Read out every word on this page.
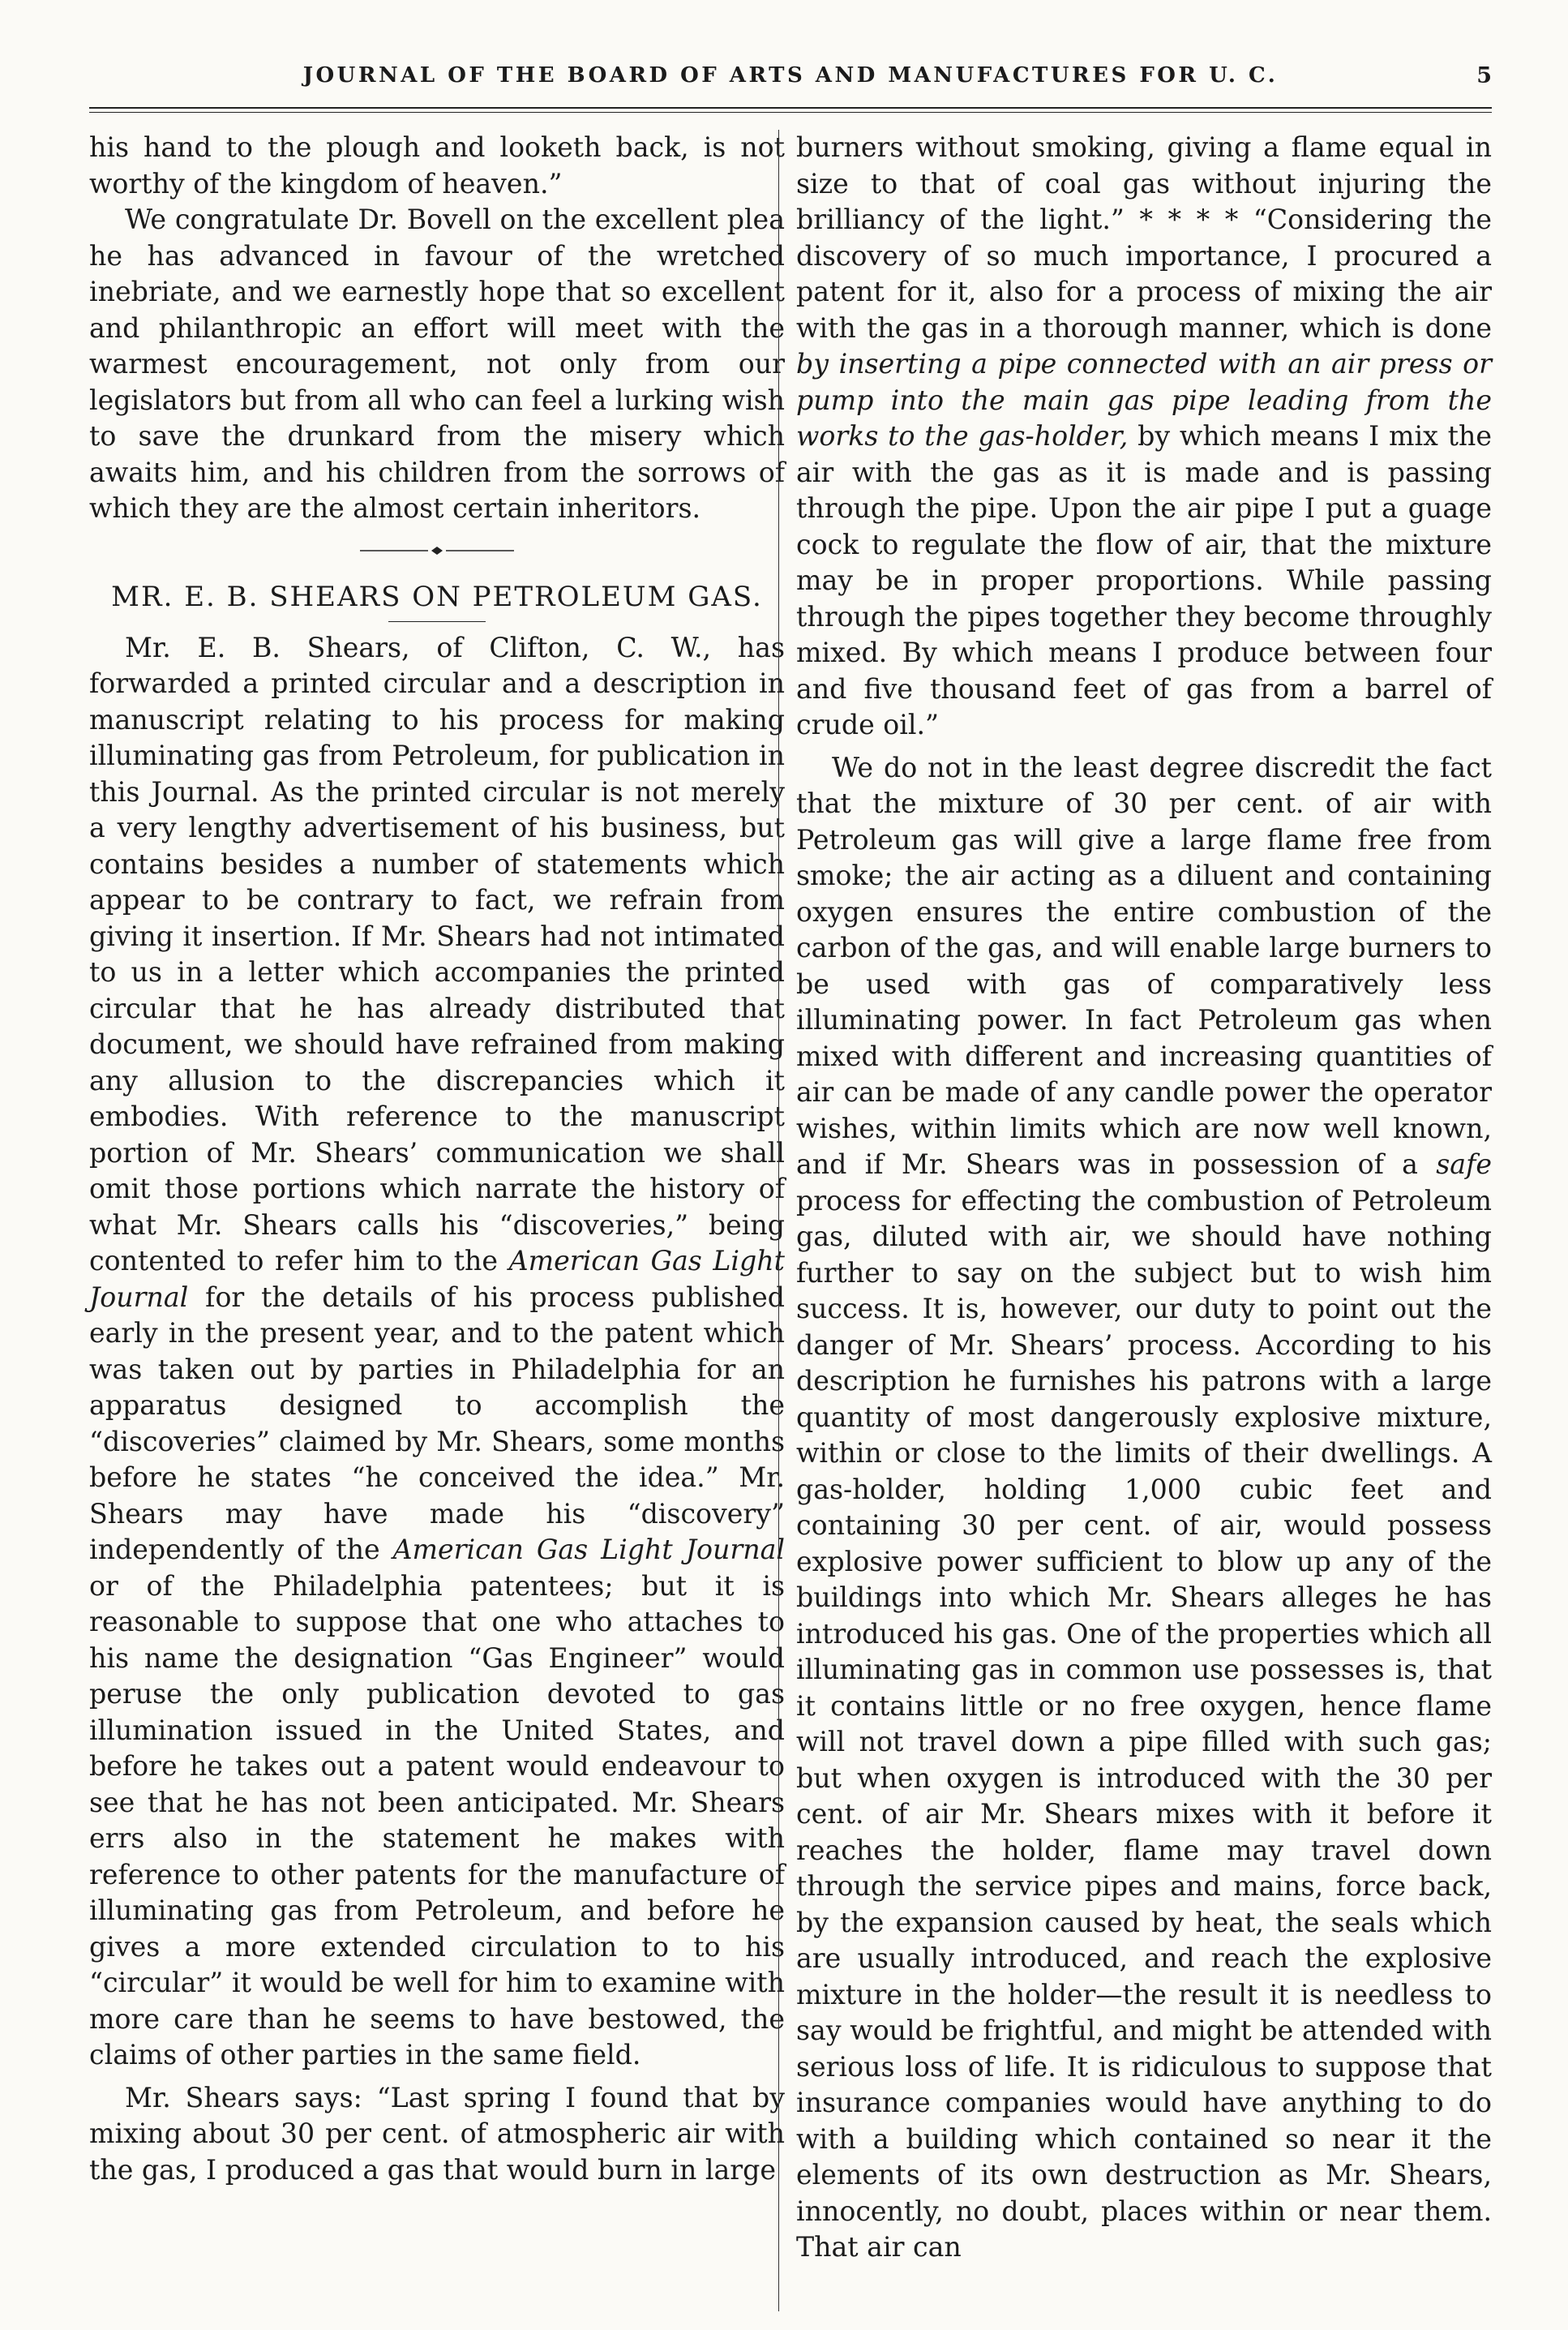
JOURNAL OF THE BOARD OF ARTS AND MANUFACTURES FOR U. C.	5

his hand to the plough and looketh back, is not worthy of the kingdom of heaven.”

We congratulate Dr. Bovell on the excellent plea he has advanced in favour of the wretched inebriate, and we earnestly hope that so excellent and philanthropic an effort will meet with the warmest encouragement, not only from our legislators but from all who can feel a lurking wish to save the drunkard from the misery which awaits him, and his children from the sorrows of which they are the almost certain inheritors.

MR. E. B. SHEARS ON PETROLEUM GAS.

Mr. E. B. Shears, of Clifton, C. W., has forwarded a printed circular and a description in manuscript relating to his process for making illuminating gas from Petroleum, for publication in this Journal. As the printed circular is not merely a very lengthy advertisement of his business, but contains besides a number of statements which appear to be contrary to fact, we refrain from giving it insertion. If Mr. Shears had not intimated to us in a letter which accompanies the printed circular that he has already distributed that document, we should have refrained from making any allusion to the discrepancies which it embodies. With reference to the manuscript portion of Mr. Shears’ communication we shall omit those portions which narrate the history of what Mr. Shears calls his “discoveries,” being contented to refer him to the American Gas Light Journal for the details of his process published early in the present year, and to the patent which was taken out by parties in Philadelphia for an apparatus designed to accomplish the “discoveries” claimed by Mr. Shears, some months before he states “he conceived the idea.” Mr. Shears may have made his “discovery” independently of the American Gas Light Journal or of the Philadelphia patentees; but it is reasonable to suppose that one who attaches to his name the designation “Gas Engineer” would peruse the only publication devoted to gas illumination issued in the United States, and before he takes out a patent would endeavour to see that he has not been anticipated. Mr. Shears errs also in the statement he makes with reference to other patents for the manufacture of illuminating gas from Petroleum, and before he gives a more extended circulation to to his “circular” it would be well for him to examine with more care than he seems to have bestowed, the claims of other parties in the same field.

Mr. Shears says: “Last spring I found that by mixing about 30 per cent. of atmospheric air with the gas, I produced a gas that would burn in large

burners without smoking, giving a flame equal in size to that of coal gas without injuring the brilliancy of the light.” * * * * “Considering the discovery of so much importance, I procured a patent for it, also for a process of mixing the air with the gas in a thorough manner, which is done by inserting a pipe connected with an air press or pump into the main gas pipe leading from the works to the gas-holder, by which means I mix the air with the gas as it is made and is passing through the pipe. Upon the air pipe I put a guage cock to regulate the flow of air, that the mixture may be in proper proportions. While passing through the pipes together they become throughly mixed. By which means I produce between four and five thousand feet of gas from a barrel of crude oil.”

We do not in the least degree discredit the fact that the mixture of 30 per cent. of air with Petroleum gas will give a large flame free from smoke; the air acting as a diluent and containing oxygen ensures the entire combustion of the carbon of the gas, and will enable large burners to be used with gas of comparatively less illuminating power. In fact Petroleum gas when mixed with different and increasing quantities of air can be made of any candle power the operator wishes, within limits which are now well known, and if Mr. Shears was in possession of a safe process for effecting the combustion of Petroleum gas, diluted with air, we should have nothing further to say on the subject but to wish him success. It is, however, our duty to point out the danger of Mr. Shears’ process. According to his description he furnishes his patrons with a large quantity of most dangerously explosive mixture, within or close to the limits of their dwellings. A gas-holder, holding 1,000 cubic feet and containing 30 per cent. of air, would possess explosive power sufficient to blow up any of the buildings into which Mr. Shears alleges he has introduced his gas. One of the properties which all illuminating gas in common use possesses is, that it contains little or no free oxygen, hence flame will not travel down a pipe filled with such gas; but when oxygen is introduced with the 30 per cent. of air Mr. Shears mixes with it before it reaches the holder, flame may travel down through the service pipes and mains, force back, by the expansion caused by heat, the seals which are usually introduced, and reach the explosive mixture in the holder—the result it is needless to say would be frightful, and might be attended with serious loss of life. It is ridiculous to suppose that insurance companies would have anything to do with a building which contained so near it the elements of its own destruction as Mr. Shears, innocently, no doubt, places within or near them. That air can
